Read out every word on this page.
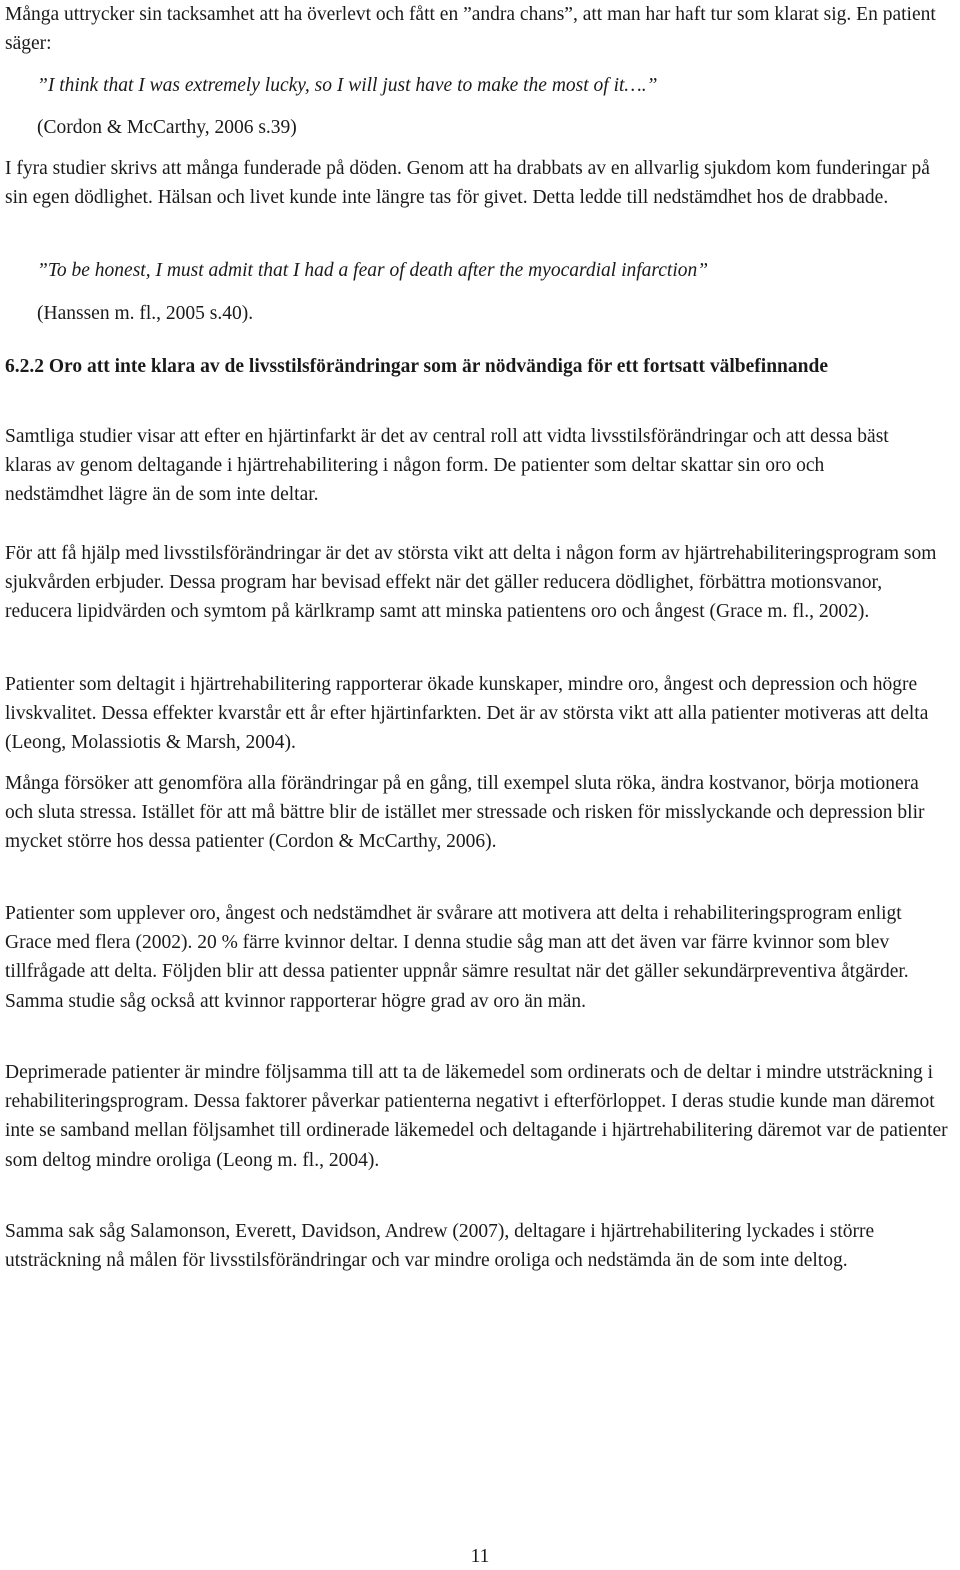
Många uttrycker sin tacksamhet att ha överlevt och fått en ”andra chans”, att man har haft tur som klarat sig. En patient säger:

”I think that I was extremely lucky, so I will just have to make the most of it….”

(Cordon & McCarthy, 2006 s.39)

I fyra studier skrivs att många funderade på döden. Genom att ha drabbats av en allvarlig sjukdom kom funderingar på sin egen dödlighet. Hälsan och livet kunde inte längre tas för givet. Detta ledde till nedstämdhet hos de drabbade.

”To be honest, I must admit that I had a fear of death after the myocardial infarction”

(Hanssen m. fl., 2005 s.40).

6.2.2 Oro att inte klara av de livsstilsförändringar som är nödvändiga för ett fortsatt välbefinnande

Samtliga studier visar att efter en hjärtinfarkt är det av central roll att vidta livsstilsförändringar och att dessa bäst klaras av genom deltagande i hjärtrehabilitering i någon form. De patienter som deltar skattar sin oro och nedstämdhet lägre än de som inte deltar.

För att få hjälp med livsstilsförändringar är det av största vikt att delta i någon form av hjärtrehabiliteringsprogram som sjukvården erbjuder. Dessa program har bevisad effekt när det gäller reducera dödlighet, förbättra motionsvanor, reducera lipidvärden och symtom på kärlkramp samt att minska patientens oro och ångest (Grace m. fl., 2002).

Patienter som deltagit i hjärtrehabilitering rapporterar ökade kunskaper, mindre oro, ångest och depression och högre livskvalitet. Dessa effekter kvarstår ett år efter hjärtinfarkten. Det är av största vikt att alla patienter motiveras att delta (Leong, Molassiotis & Marsh, 2004).

Många försöker att genomföra alla förändringar på en gång, till exempel sluta röka, ändra kostvanor, börja motionera och sluta stressa. Istället för att må bättre blir de istället mer stressade och risken för misslyckande och depression blir mycket större hos dessa patienter (Cordon & McCarthy, 2006).

Patienter som upplever oro, ångest och nedstämdhet är svårare att motivera att delta i rehabiliteringsprogram enligt Grace med flera (2002). 20 % färre kvinnor deltar. I denna studie såg man att det även var färre kvinnor som blev tillfrågade att delta. Följden blir att dessa patienter uppnår sämre resultat när det gäller sekundärpreventiva åtgärder. Samma studie såg också att kvinnor rapporterar högre grad av oro än män.

Deprimerade patienter är mindre följsamma till att ta de läkemedel som ordinerats och de deltar i mindre utsträckning i rehabiliteringsprogram. Dessa faktorer påverkar patienterna negativt i efterförloppet. I deras studie kunde man däremot inte se samband mellan följsamhet till ordinerade läkemedel och deltagande i hjärtrehabilitering däremot var de patienter som deltog mindre oroliga (Leong m. fl., 2004).

Samma sak såg Salamonson, Everett, Davidson, Andrew (2007), deltagare i hjärtrehabilitering lyckades i större utsträckning nå målen för livsstilsförändringar och var mindre oroliga och nedstämda än de som inte deltog.

11
